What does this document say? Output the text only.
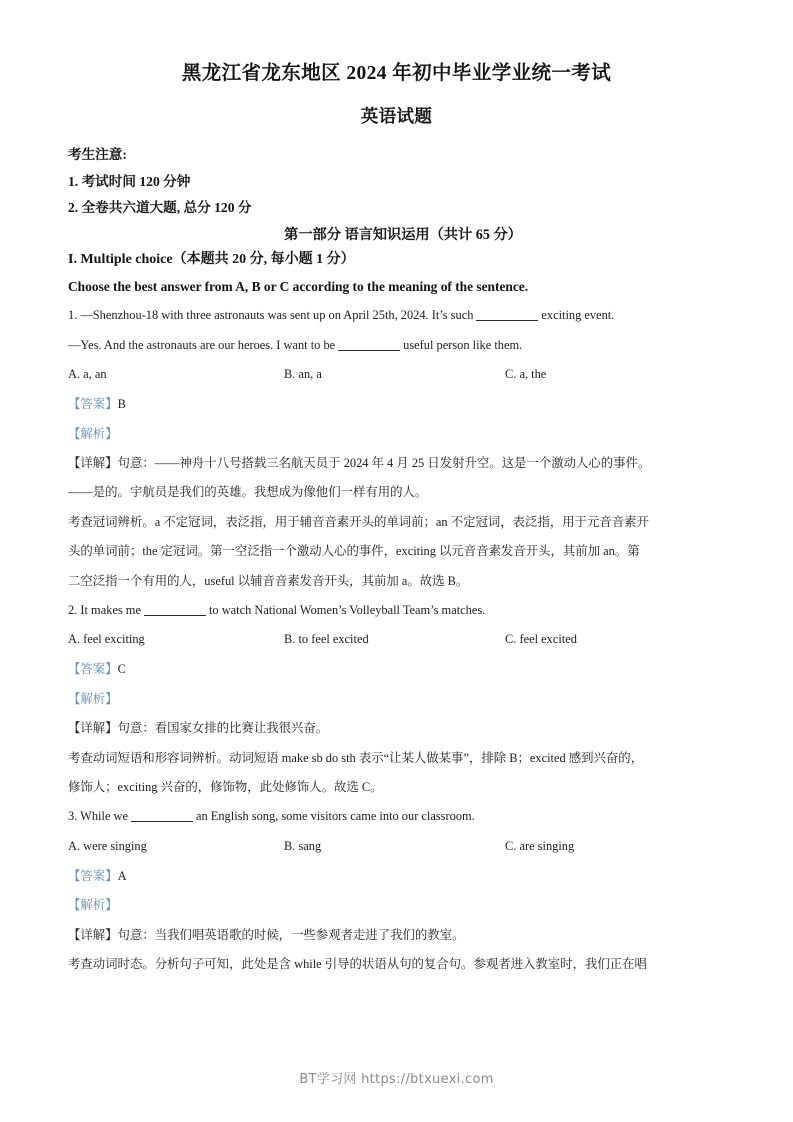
黑龙江省龙东地区 2024 年初中毕业学业统一考试
英语试题
考生注意:
1. 考试时间 120 分钟
2. 全卷共六道大题, 总分 120 分
第一部分 语言知识运用（共计 65 分）
I. Multiple choice（本题共 20 分, 每小题 1 分）
Choose the best answer from A, B or C according to the meaning of the sentence.
1. —Shenzhou-18 with three astronauts was sent up on April 25th, 2024. It’s such	exciting event.
—Yes. And the astronauts are our heroes. I want to be	useful person like them.
A. a, an	B. an, a	C. a, the
【答案】B
【解析】
【详解】句意：——神舟十八号搭载三名航天员于 2024 年 4 月 25 日发射升空。这是一个激动人心的事件。
——是的。宇航员是我们的英雄。我想成为像他们一样有用的人。
考查冠词辨析。a 不定冠词，表泛指，用于辅音音素开头的单词前；an 不定冠词，表泛指，用于元音音素开
头的单词前；the 定冠词。第一空泛指一个激动人心的事件，exciting 以元音音素发音开头，其前加 an。第
二空泛指一个有用的人，useful 以辅音音素发音开头，其前加 a。故选 B。
2. It makes me	to watch National Women’s Volleyball Team’s matches.
A. feel exciting	B. to feel excited	C. feel excited
【答案】C
【解析】
【详解】句意：看国家女排的比赛让我很兴奋。
考查动词短语和形容词辨析。动词短语 make sb do sth 表示“让某人做某事”，排除 B；excited 感到兴奋的，
修饰人；exciting 兴奋的，修饰物，此处修饰人。故选 C。
3. While we	an English song, some visitors came into our classroom.
A. were singing	B. sang	C. are singing
【答案】A
【解析】
【详解】句意：当我们唱英语歌的时候，一些参观者走进了我们的教室。
考查动词时态。分析句子可知，此处是含 while 引导的状语从句的复合句。参观者进入教室时，我们正在唱
BT学习网 https://btxuexi.com
